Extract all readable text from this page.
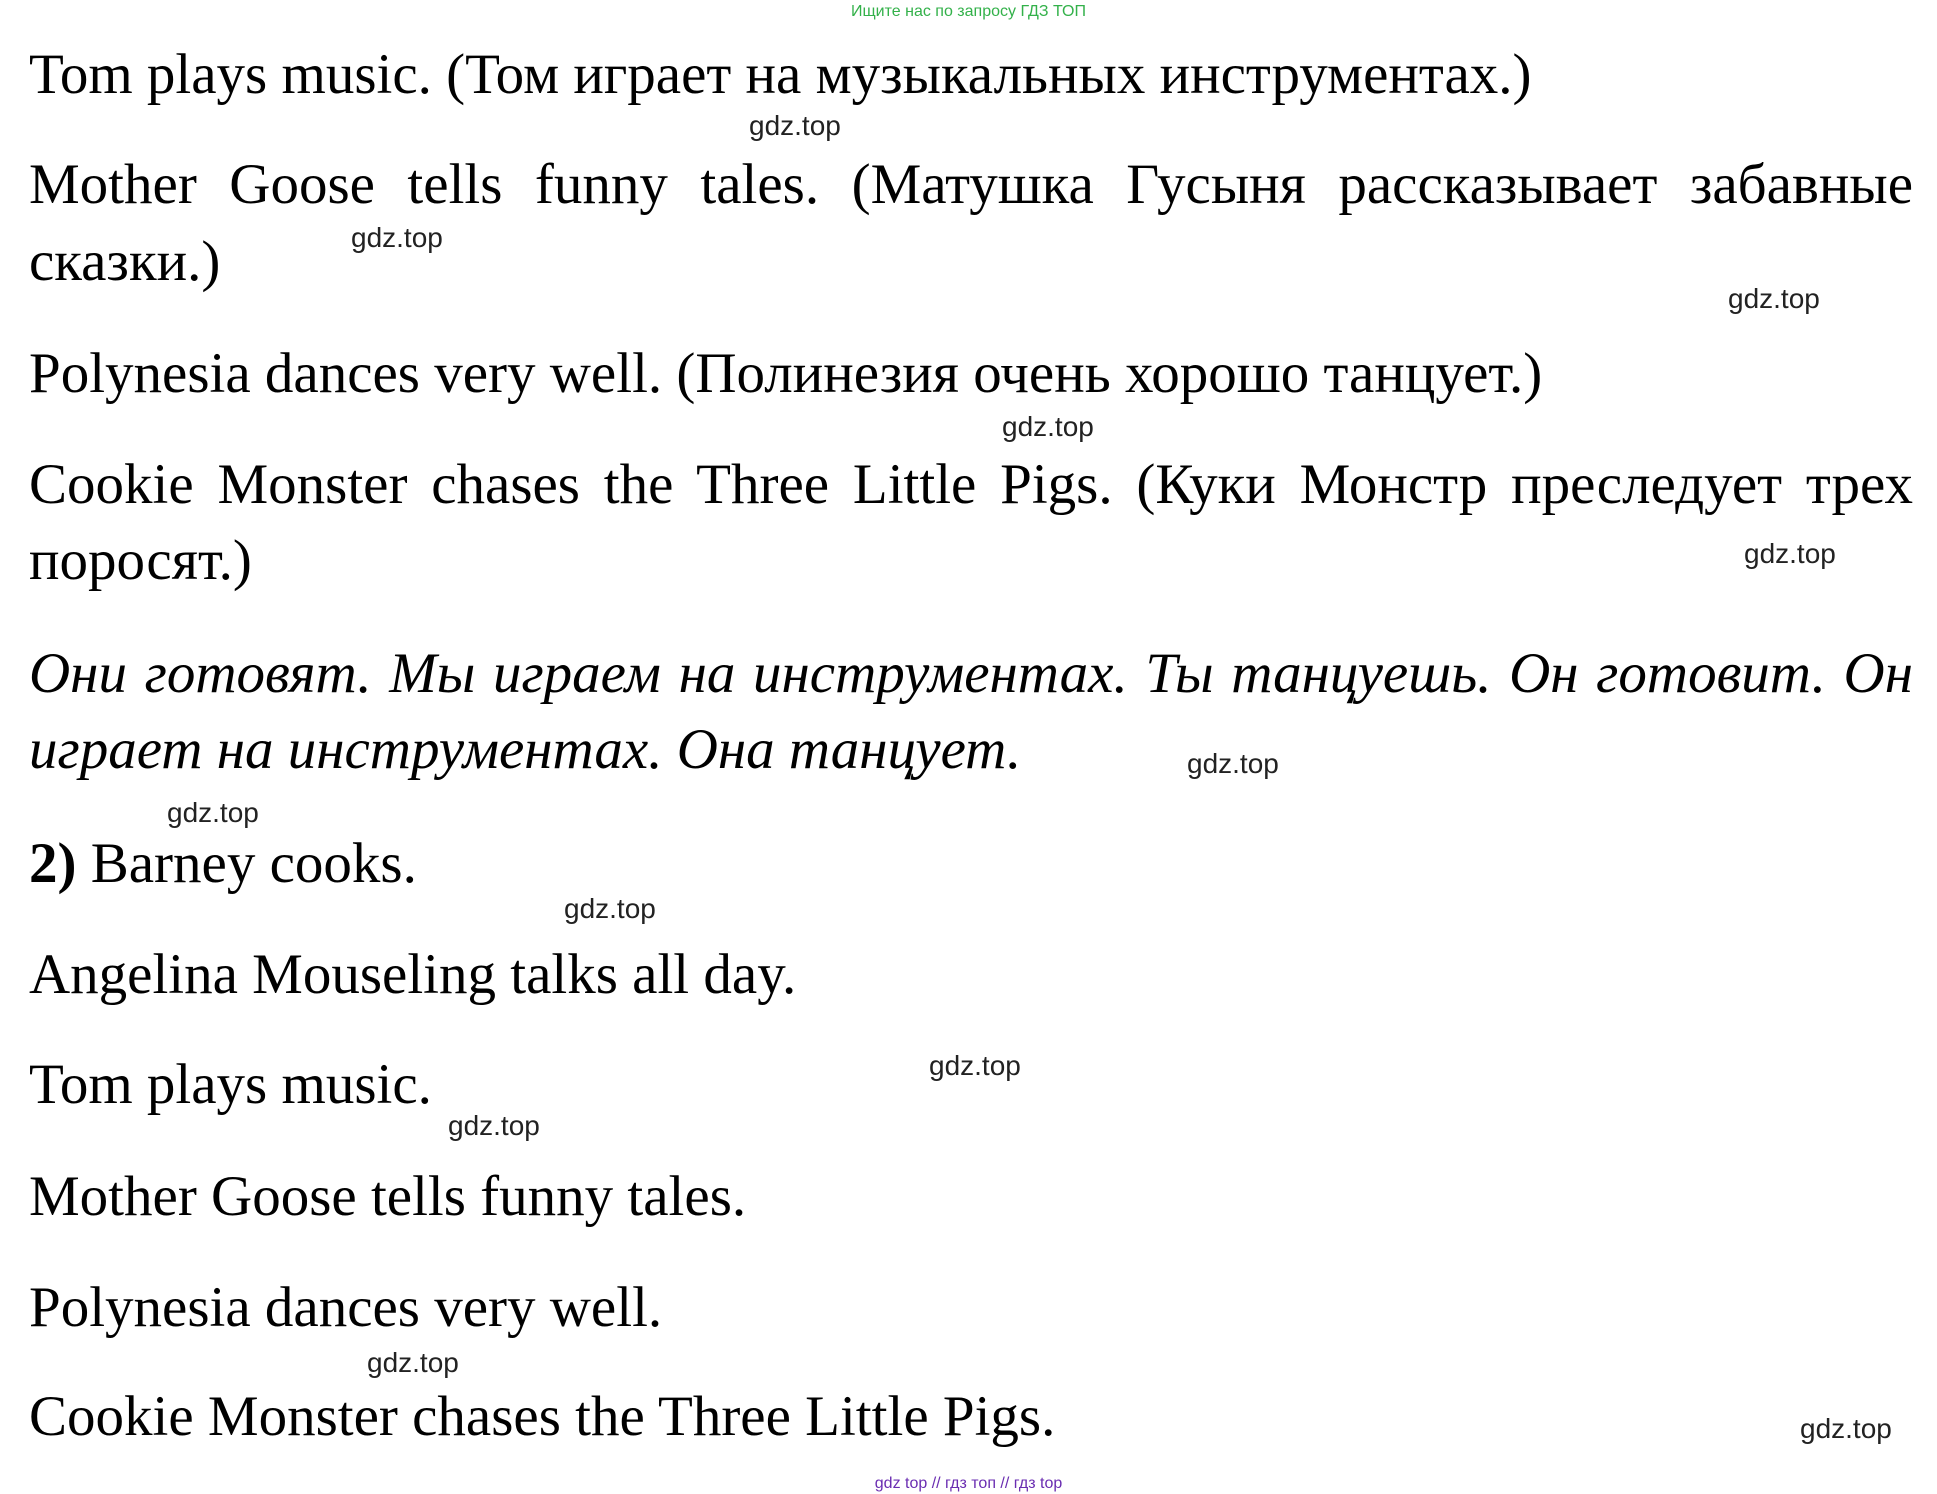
Ищите нас по запросу ГДЗ ТОП
Tom plays music. (Том играет на музыкальных инструментах.)
Mother Goose tells funny tales. (Матушка Гусыня рассказывает забавные
сказки.)
Polynesia dances very well. (Полинезия очень хорошо танцует.)
Cookie Monster chases the Three Little Pigs. (Куки Монстр преследует трех
поросят.)
Они готовят. Мы играем на инструментах. Ты танцуешь. Он готовит. Он
играет на инструментах. Она танцует.
2) Barney cooks.
Angelina Mouseling talks all day.
Tom plays music.
Mother Goose tells funny tales.
Polynesia dances very well.
Cookie Monster chases the Three Little Pigs.
gdz.top
gdz.top
gdz.top
gdz.top
gdz.top
gdz.top
gdz.top
gdz.top
gdz.top
gdz.top
gdz.top
gdz.top
gdz top // гдз топ // гдз top
